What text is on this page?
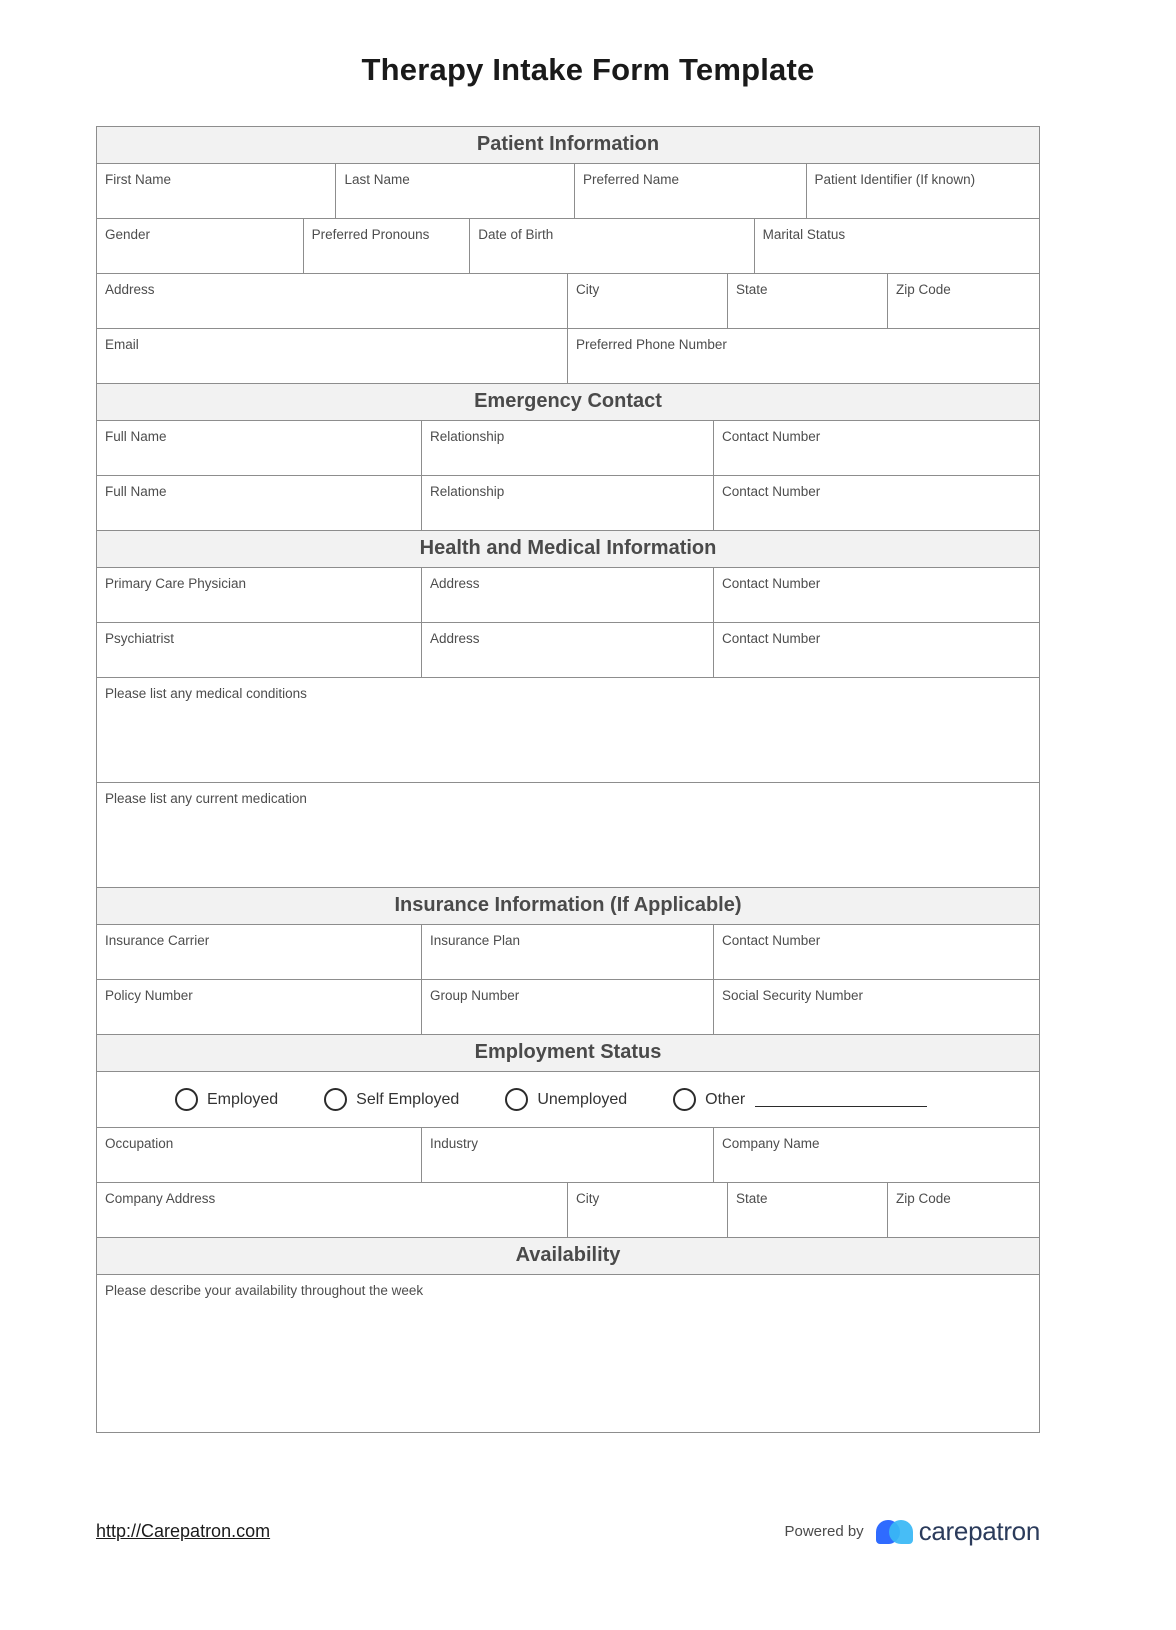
Therapy Intake Form Template
Patient Information
First Name	Last Name	Preferred Name	Patient Identifier (If known)
Gender	Preferred Pronouns	Date of Birth	Marital Status
Address	City	State	Zip Code
Email	Preferred Phone Number
Emergency Contact
Full Name	Relationship	Contact Number
Full Name	Relationship	Contact Number
Health and Medical Information
Primary Care Physician	Address	Contact Number
Psychiatrist	Address	Contact Number
Please list any medical conditions
Please list any current medication
Insurance Information (If Applicable)
Insurance Carrier	Insurance Plan	Contact Number
Policy Number	Group Number	Social Security Number
Employment Status
Employed	Self Employed	Unemployed	Other
Occupation	Industry	Company Name
Company Address	City	State	Zip Code
Availability
Please describe your availability throughout the week
http://Carepatron.com	Powered by carepatron
